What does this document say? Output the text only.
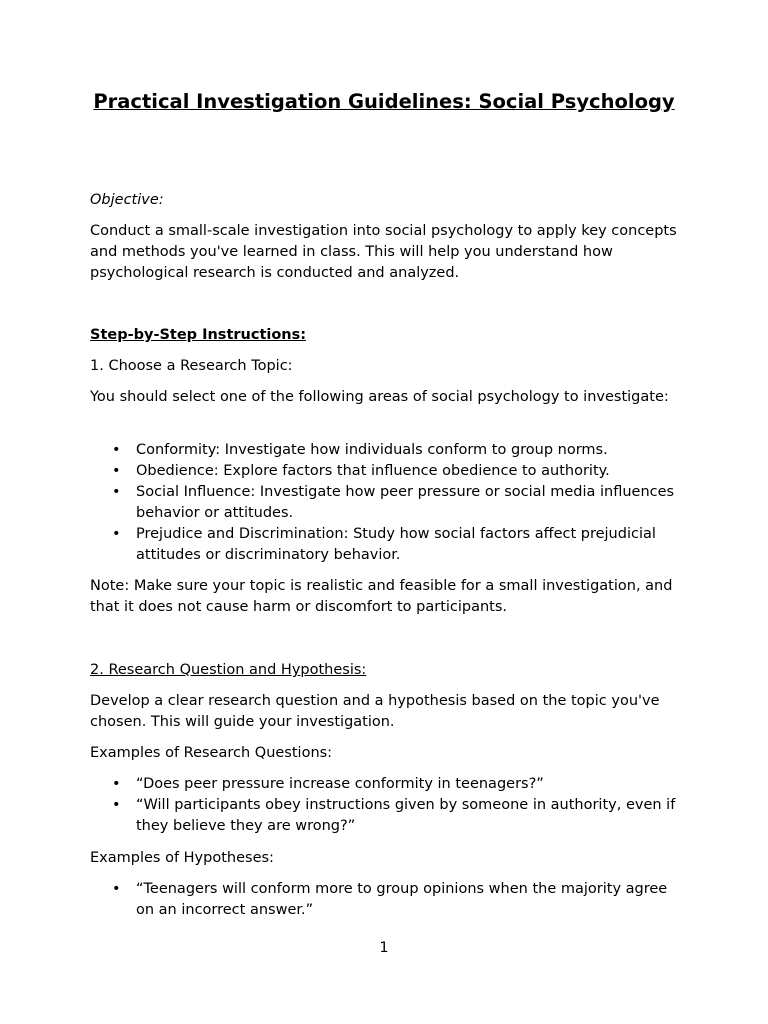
Practical Investigation Guidelines: Social Psychology

Objective:

Conduct a small-scale investigation into social psychology to apply key concepts and methods you've learned in class. This will help you understand how psychological research is conducted and analyzed.

Step-by-Step Instructions:

1. Choose a Research Topic:

You should select one of the following areas of social psychology to investigate:

• Conformity: Investigate how individuals conform to group norms.
• Obedience: Explore factors that influence obedience to authority.
• Social Influence: Investigate how peer pressure or social media influences behavior or attitudes.
• Prejudice and Discrimination: Study how social factors affect prejudicial attitudes or discriminatory behavior.

Note: Make sure your topic is realistic and feasible for a small investigation, and that it does not cause harm or discomfort to participants.

2. Research Question and Hypothesis:

Develop a clear research question and a hypothesis based on the topic you've chosen. This will guide your investigation.

Examples of Research Questions:

• “Does peer pressure increase conformity in teenagers?”
• “Will participants obey instructions given by someone in authority, even if they believe they are wrong?”

Examples of Hypotheses:

• “Teenagers will conform more to group opinions when the majority agree on an incorrect answer.”

1
